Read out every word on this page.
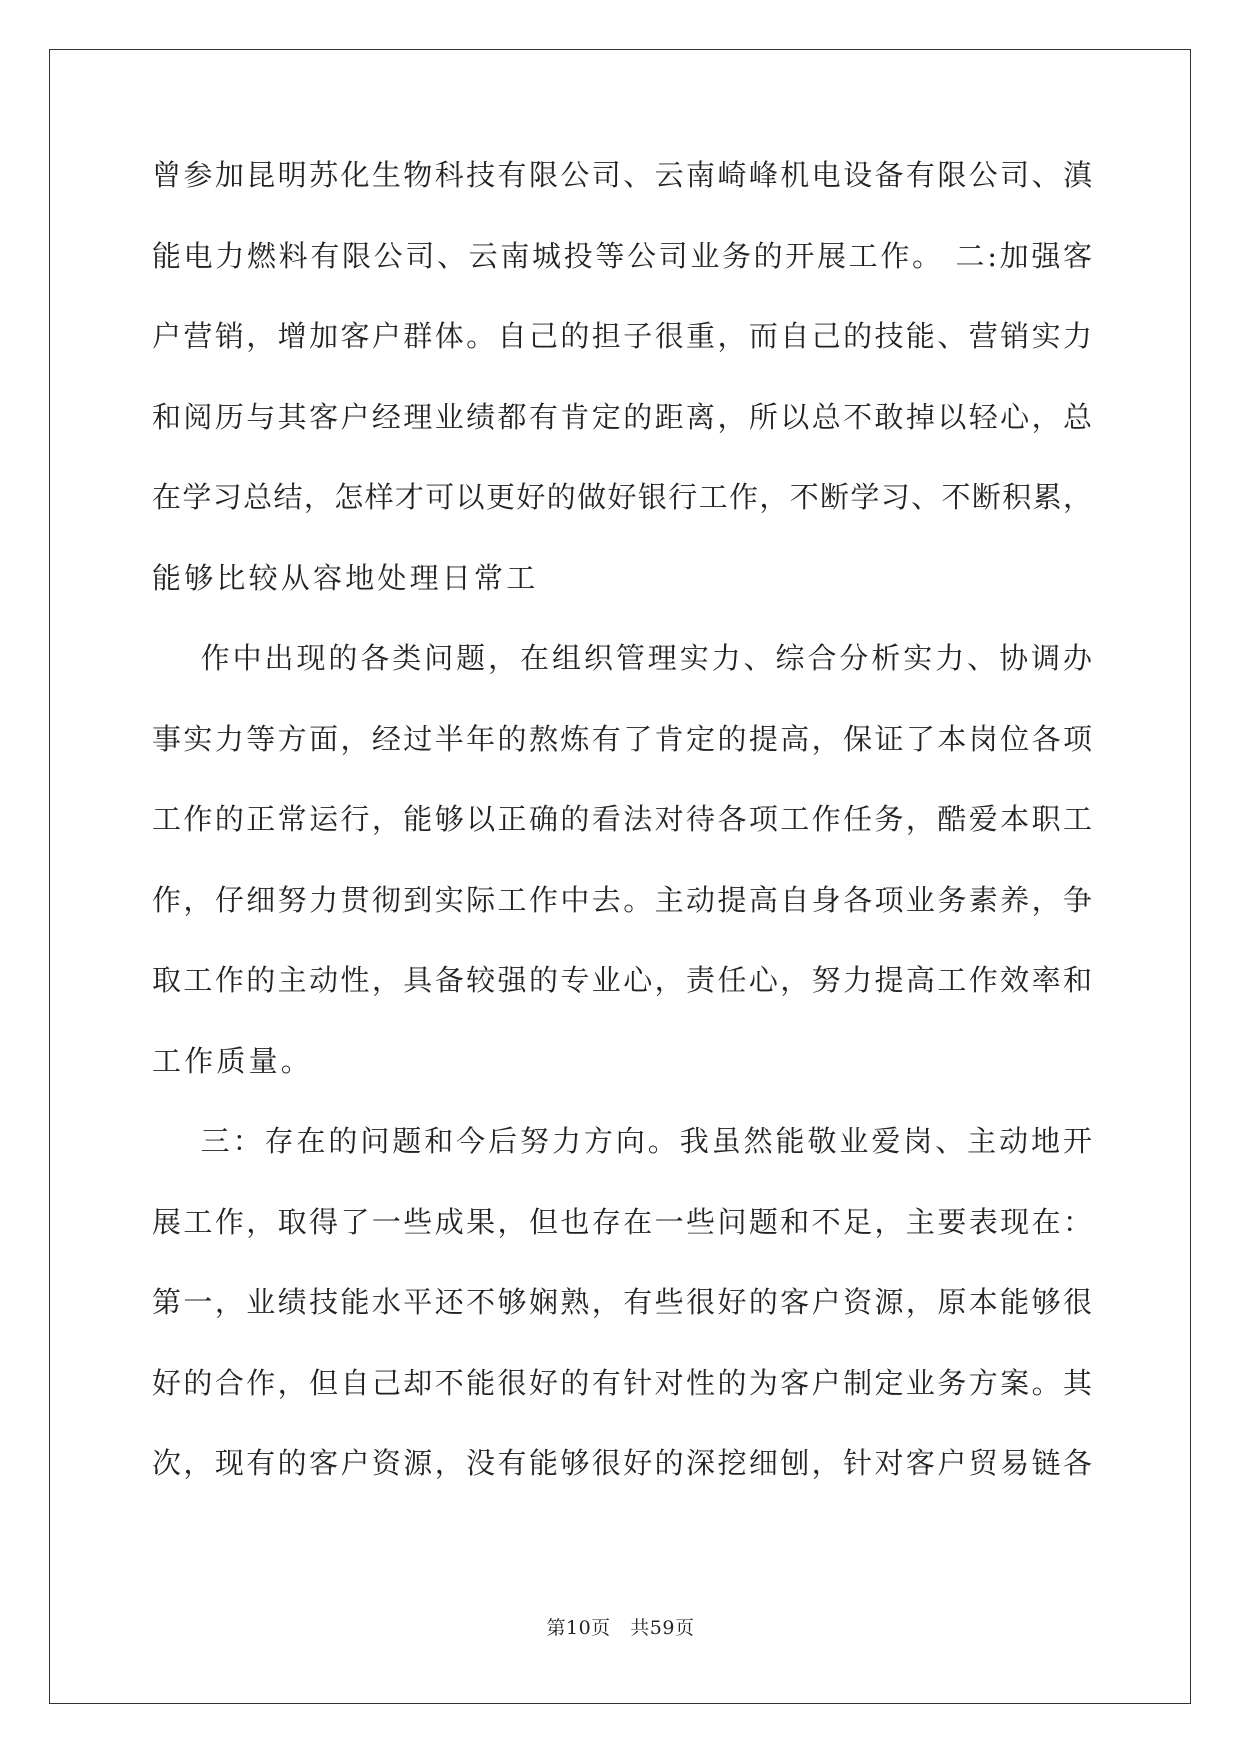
曾参加昆明苏化生物科技有限公司、云南崎峰机电设备有限公司、滇
能电力燃料有限公司、云南城投等公司业务的开展工作。 二:加强客
户营销，增加客户群体。自己的担子很重，而自己的技能、营销实力
和阅历与其客户经理业绩都有肯定的距离，所以总不敢掉以轻心，总
在学习总结，怎样才可以更好的做好银行工作，不断学习、不断积累，
能够比较从容地处理日常工
作中出现的各类问题，在组织管理实力、综合分析实力、协调办
事实力等方面，经过半年的熬炼有了肯定的提高，保证了本岗位各项
工作的正常运行，能够以正确的看法对待各项工作任务，酷爱本职工
作，仔细努力贯彻到实际工作中去。主动提高自身各项业务素养，争
取工作的主动性，具备较强的专业心，责任心，努力提高工作效率和
工作质量。
三：存在的问题和今后努力方向。我虽然能敬业爱岗、主动地开
展工作，取得了一些成果，但也存在一些问题和不足，主要表现在：
第一，业绩技能水平还不够娴熟，有些很好的客户资源，原本能够很
好的合作，但自己却不能很好的有针对性的为客户制定业务方案。其
次，现有的客户资源，没有能够很好的深挖细刨，针对客户贸易链各
第10页   共59页
